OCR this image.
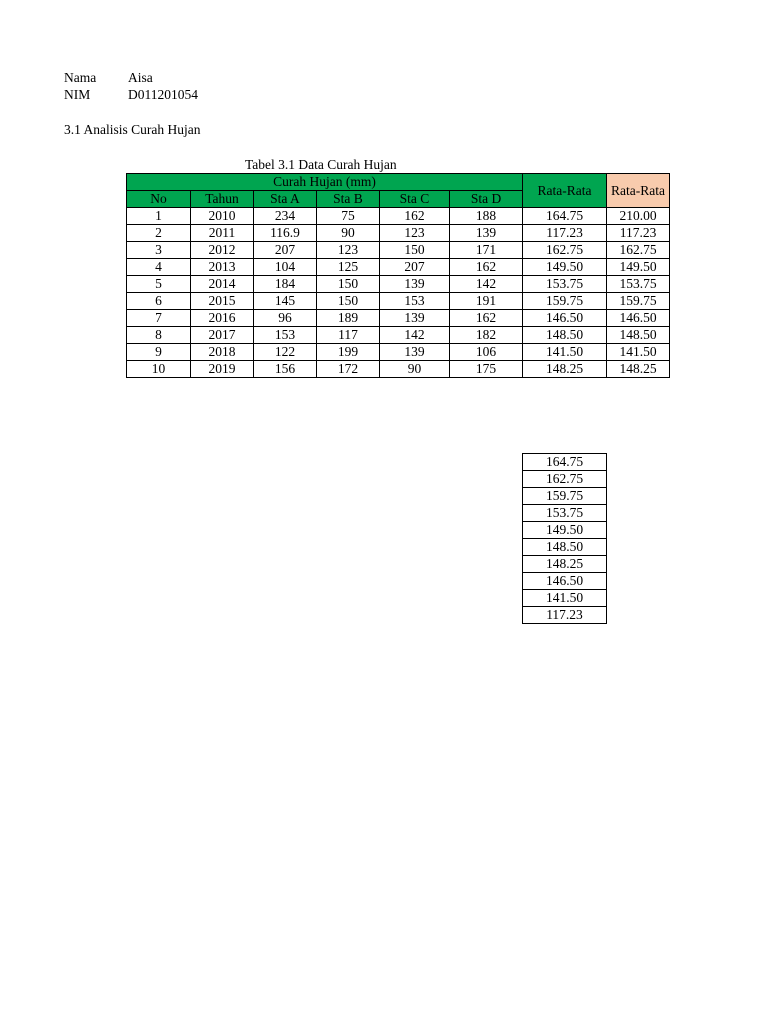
Nama Aisa
NIM	D011201054
3.1 Analisis Curah Hujan
Tabel 3.1 Data Curah Hujan
Curah Hujan (mm)						Rata-Rata	Rata-Rata
No	Tahun	Sta A	Sta B	Sta C	Sta D		
1	2010	234	75	162	188	164.75	210.00
2	2011	116.9	90	123	139	117.23	117.23
3	2012	207	123	150	171	162.75	162.75
4	2013	104	125	207	162	149.50	149.50
5	2014	184	150	139	142	153.75	153.75
6	2015	145	150	153	191	159.75	159.75
7	2016	96	189	139	162	146.50	146.50
8	2017	153	117	142	182	148.50	148.50
9	2018	122	199	139	106	141.50	141.50
10	2019	156	172	90	175	148.25	148.25
164.75
162.75
159.75
153.75
149.50
148.50
148.25
146.50
141.50
117.23
